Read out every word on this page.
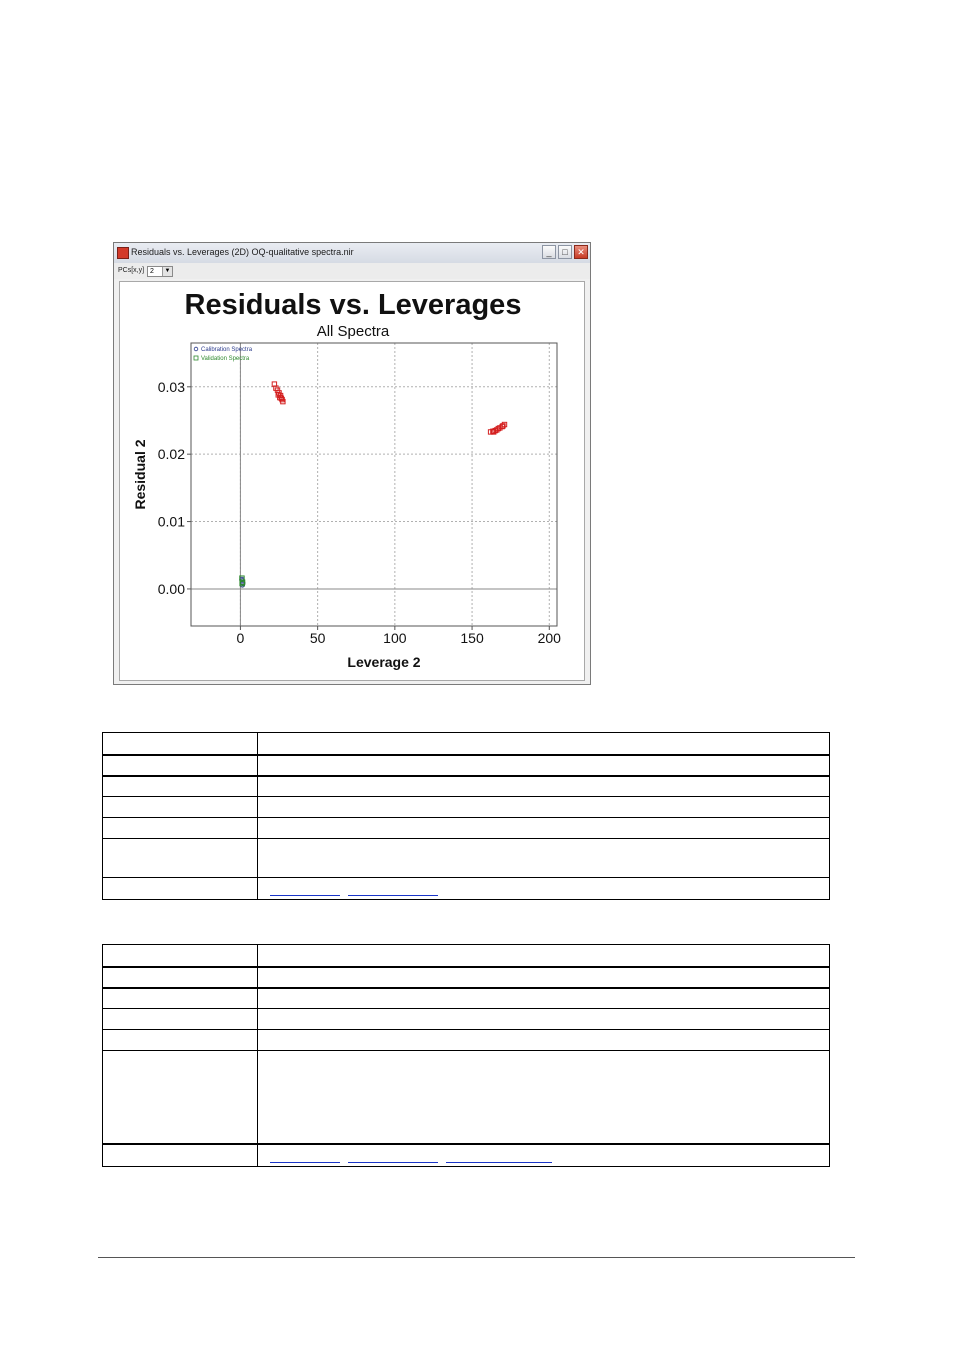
Residuals vs. Leverages (2D) OQ-qualitative spectra.nir	_	□	✕
PCs[x,y] 2	▼
Residuals vs. Leverages
All Spectra
0	50	100	150	200
0.00
0.01
0.02
0.03
Leverage 2
Residual 2
Calibration Spectra
Validation Spectra
